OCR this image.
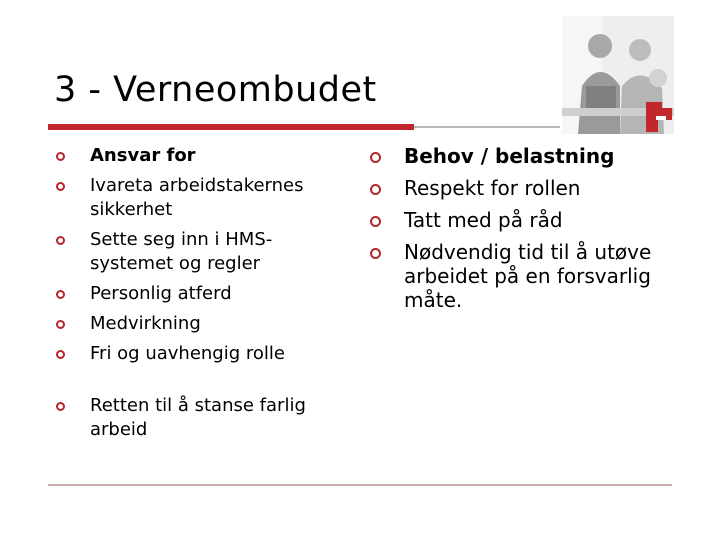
3 - Verneombudet
Ansvar for
Ivareta arbeidstakernes sikkerhet
Sette seg inn i HMS-systemet og regler
Personlig atferd
Medvirkning
Fri og uavhengig rolle
Retten til å stanse farlig arbeid
Behov / belastning
Respekt for rollen
Tatt med på råd
Nødvendig tid til å utøve arbeidet på en forsvarlig måte.
